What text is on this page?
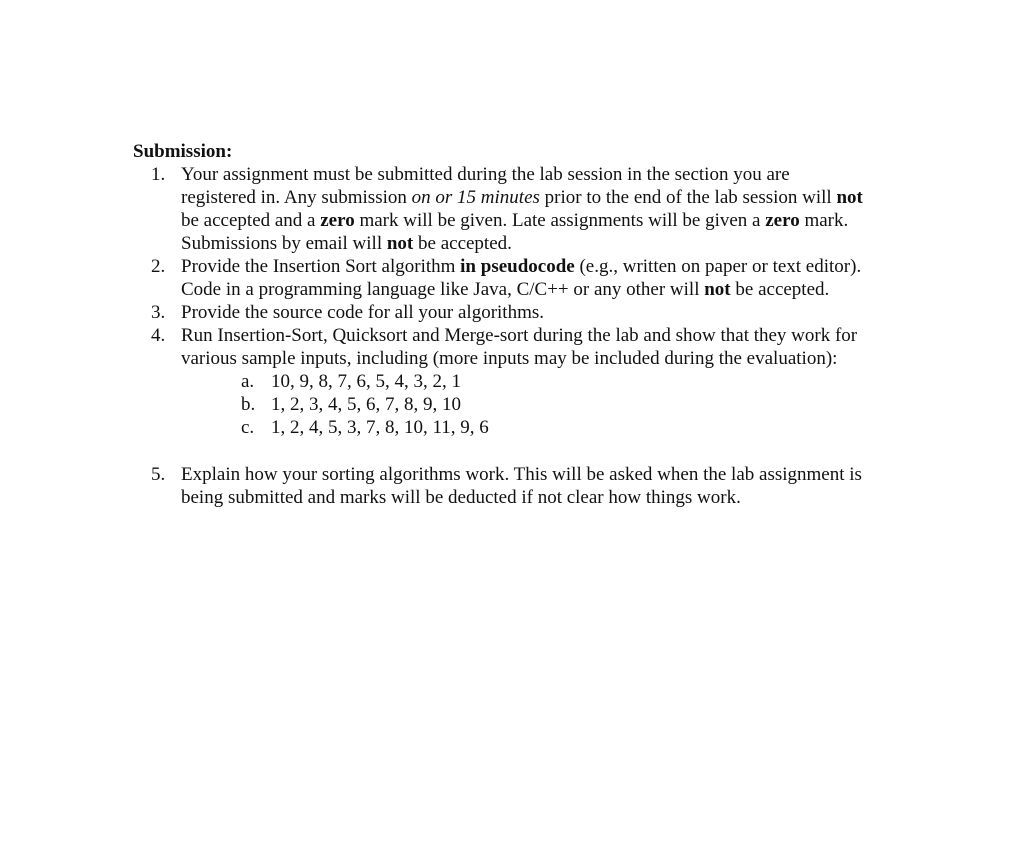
Submission:
1. Your assignment must be submitted during the lab session in the section you are
registered in. Any submission on or 15 minutes prior to the end of the lab session will not
be accepted and a zero mark will be given. Late assignments will be given a zero mark.
Submissions by email will not be accepted.
2. Provide the Insertion Sort algorithm in pseudocode (e.g., written on paper or text editor).
Code in a programming language like Java, C/C++ or any other will not be accepted.
3. Provide the source code for all your algorithms.
4. Run Insertion-Sort, Quicksort and Merge-sort during the lab and show that they work for
various sample inputs, including (more inputs may be included during the evaluation):
a. 10, 9, 8, 7, 6, 5, 4, 3, 2, 1
b. 1, 2, 3, 4, 5, 6, 7, 8, 9, 10
c. 1, 2, 4, 5, 3, 7, 8, 10, 11, 9, 6
5. Explain how your sorting algorithms work. This will be asked when the lab assignment is
being submitted and marks will be deducted if not clear how things work.
